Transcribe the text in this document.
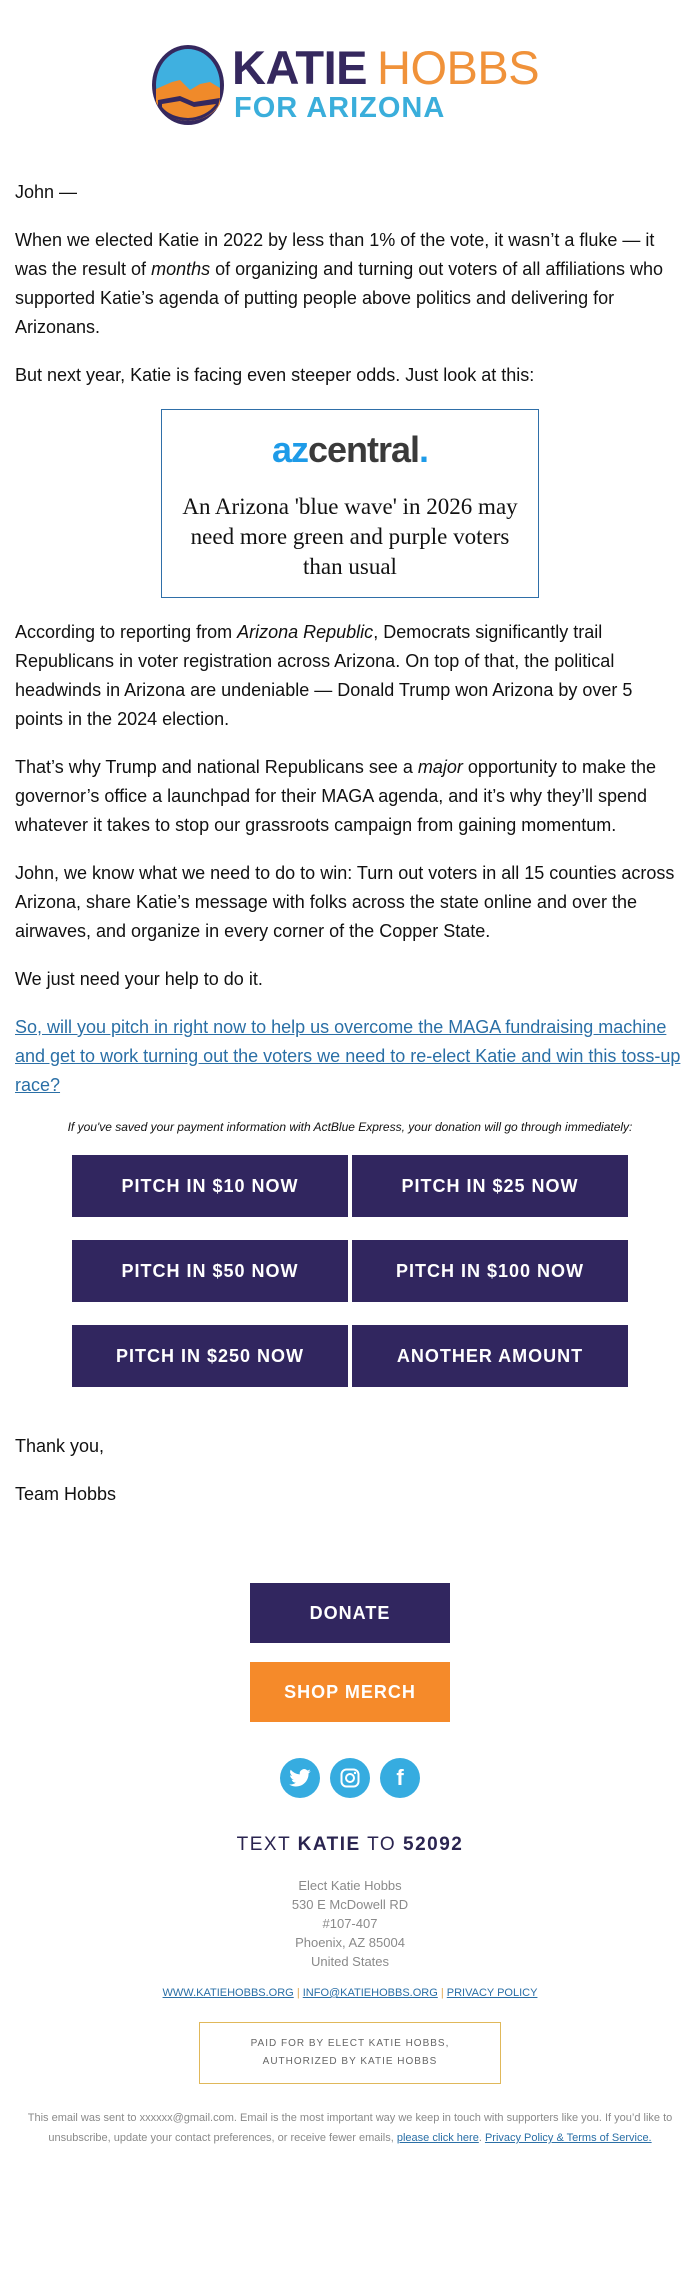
KATIE HOBBS
FOR ARIZONA

John —

When we elected Katie in 2022 by less than 1% of the vote, it wasn’t a fluke — it was the result of months of organizing and turning out voters of all affiliations who supported Katie’s agenda of putting people above politics and delivering for Arizonans.

But next year, Katie is facing even steeper odds. Just look at this:

azcentral.
An Arizona 'blue wave' in 2026 may need more green and purple voters than usual

According to reporting from Arizona Republic, Democrats significantly trail Republicans in voter registration across Arizona. On top of that, the political headwinds in Arizona are undeniable — Donald Trump won Arizona by over 5 points in the 2024 election.

That’s why Trump and national Republicans see a major opportunity to make the governor’s office a launchpad for their MAGA agenda, and it’s why they’ll spend whatever it takes to stop our grassroots campaign from gaining momentum.

John, we know what we need to do to win: Turn out voters in all 15 counties across Arizona, share Katie’s message with folks across the state online and over the airwaves, and organize in every corner of the Copper State.

We just need your help to do it.

So, will you pitch in right now to help us overcome the MAGA fundraising machine and get to work turning out the voters we need to re-elect Katie and win this toss-up race?

If you've saved your payment information with ActBlue Express, your donation will go through immediately:
PITCH IN $10 NOW	PITCH IN $25 NOW
PITCH IN $50 NOW	PITCH IN $100 NOW
PITCH IN $250 NOW	ANOTHER AMOUNT

Thank you,

Team Hobbs

DONATE
SHOP MERCH
f
TEXT KATIE TO 52092
Elect Katie Hobbs
530 E McDowell RD
#107-407
Phoenix, AZ 85004
United States
WWW.KATIEHOBBS.ORG | INFO@KATIEHOBBS.ORG | PRIVACY POLICY
PAID FOR BY ELECT KATIE HOBBS,
AUTHORIZED BY KATIE HOBBS
This email was sent to xxxxxx@gmail.com. Email is the most important way we keep in touch with supporters like you. If you’d like to unsubscribe, update your contact preferences, or receive fewer emails, please click here. Privacy Policy & Terms of Service.
